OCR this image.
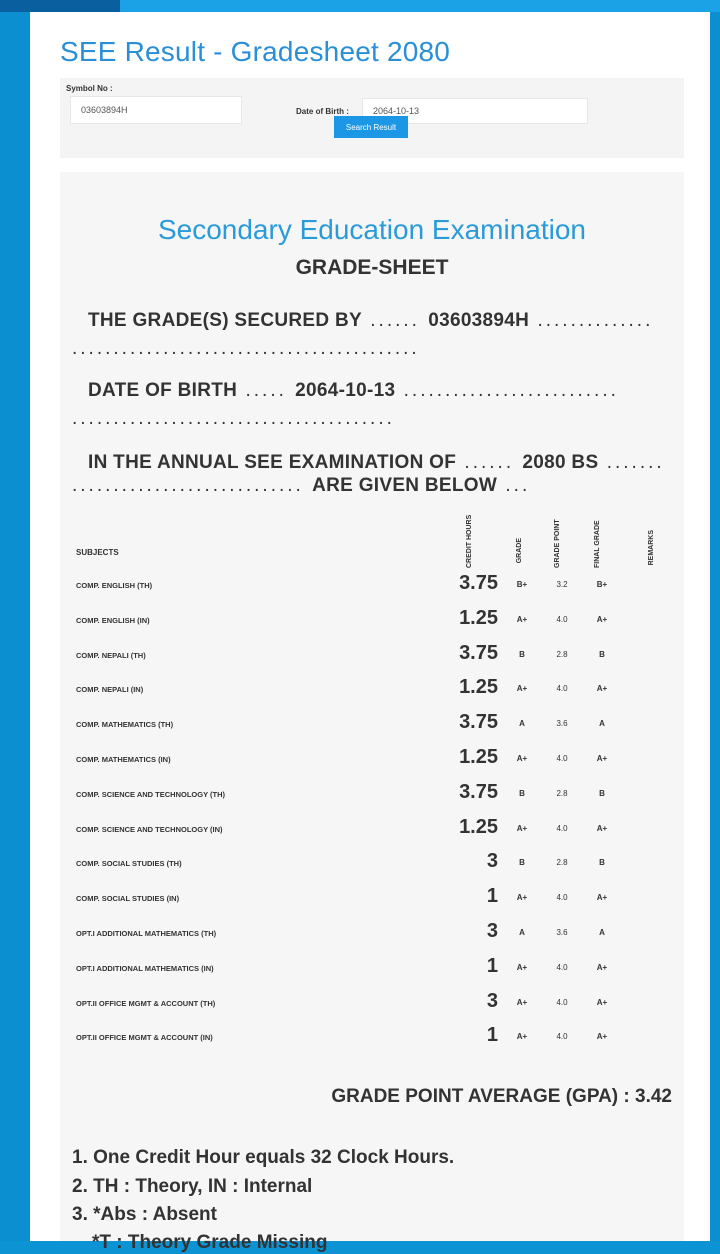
SEE Result - Gradesheet 2080
Symbol No :
03603894H	Date of Birth :	2064-10-13
Search Result
Secondary Education Examination
GRADE-SHEET
THE GRADE(S) SECURED BY ...... 03603894H ..............
..........................................
DATE OF BIRTH ..... 2064-10-13 ..........................
.......................................
IN THE ANNUAL SEE EXAMINATION OF ...... 2080 BS .......
............................ ARE GIVEN BELOW ...
SUBJECTS	CREDIT HOURS	GRADE	GRADE POINT	FINAL GRADE	REMARKS
COMP. ENGLISH (TH)	3.75	B+	3.2	B+
COMP. ENGLISH (IN)	1.25	A+	4.0	A+
COMP. NEPALI (TH)	3.75	B	2.8	B
COMP. NEPALI (IN)	1.25	A+	4.0	A+
COMP. MATHEMATICS (TH)	3.75	A	3.6	A
COMP. MATHEMATICS (IN)	1.25	A+	4.0	A+
COMP. SCIENCE AND TECHNOLOGY (TH)	3.75	B	2.8	B
COMP. SCIENCE AND TECHNOLOGY (IN)	1.25	A+	4.0	A+
COMP. SOCIAL STUDIES (TH)	3	B	2.8	B
COMP. SOCIAL STUDIES (IN)	1	A+	4.0	A+
OPT.I ADDITIONAL MATHEMATICS (TH)	3	A	3.6	A
OPT.I ADDITIONAL MATHEMATICS (IN)	1	A+	4.0	A+
OPT.II OFFICE MGMT & ACCOUNT (TH)	3	A+	4.0	A+
OPT.II OFFICE MGMT & ACCOUNT (IN)	1	A+	4.0	A+
GRADE POINT AVERAGE (GPA) : 3.42
1. One Credit Hour equals 32 Clock Hours.
2. TH : Theory, IN : Internal
3. *Abs : Absent
*T : Theory Grade Missing
